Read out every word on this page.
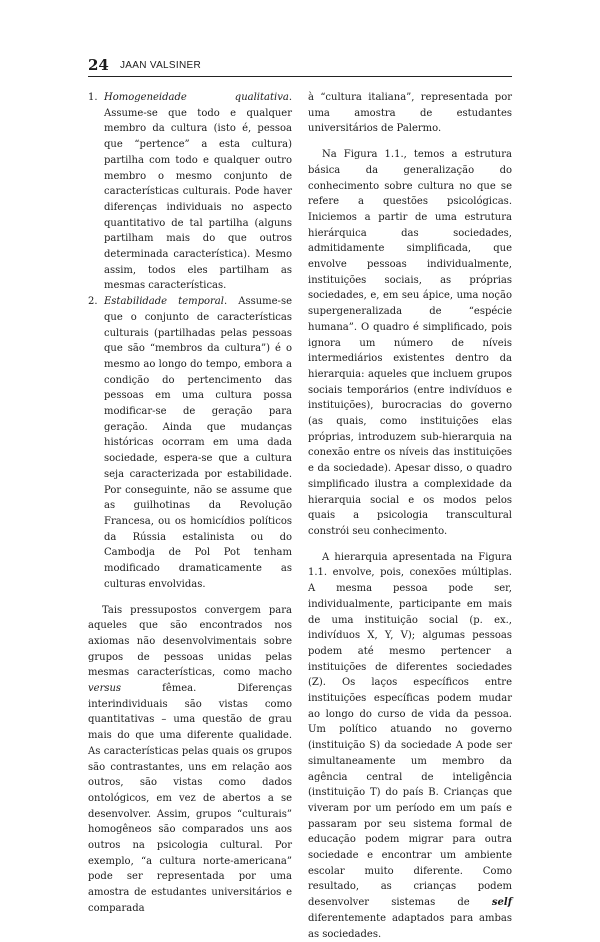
24 JAAN VALSINER

1. Homogeneidade qualitativa. Assume-se que todo e qualquer membro da cultura (isto é, pessoa que “pertence” a esta cultura) partilha com todo e qualquer outro membro o mesmo conjunto de características culturais. Pode haver diferenças individuais no aspecto quantitativo de tal partilha (alguns partilham mais do que outros determinada característica). Mesmo assim, todos eles partilham as mesmas características.

2. Estabilidade temporal. Assume-se que o conjunto de características culturais (partilhadas pelas pessoas que são “membros da cultura”) é o mesmo ao longo do tempo, embora a condição do pertencimento das pessoas em uma cultura possa modificar-se de geração para geração. Ainda que mudanças históricas ocorram em uma dada sociedade, espera-se que a cultura seja caracterizada por estabilidade. Por conseguinte, não se assume que as guilhotinas da Revolução Francesa, ou os homicídios políticos da Rússia estalinista ou do Cambodja de Pol Pot tenham modificado dramaticamente as culturas envolvidas.

Tais pressupostos convergem para aqueles que são encontrados nos axiomas não desenvolvimentais sobre grupos de pessoas unidas pelas mesmas características, como macho versus fêmea. Diferenças interindividuais são vistas como quantitativas – uma questão de grau mais do que uma diferente qualidade. As características pelas quais os grupos são contrastantes, uns em relação aos outros, são vistas como dados ontológicos, em vez de abertos a se desenvolver. Assim, grupos “culturais” homogêneos são comparados uns aos outros na psicologia cultural. Por exemplo, “a cultura norte-americana” pode ser representada por uma amostra de estudantes universitários e comparada

à “cultura italiana”, representada por uma amostra de estudantes universitários de Palermo.

Na Figura 1.1., temos a estrutura básica da generalização do conhecimento sobre cultura no que se refere a questões psicológicas. Iniciemos a partir de uma estrutura hierárquica das sociedades, admitidamente simplificada, que envolve pessoas individualmente, instituições sociais, as próprias sociedades, e, em seu ápice, uma noção supergeneralizada de “espécie humana”. O quadro é simplificado, pois ignora um número de níveis intermediários existentes dentro da hierarquia: aqueles que incluem grupos sociais temporários (entre indivíduos e instituições), burocracias do governo (as quais, como instituições elas próprias, introduzem sub-hierarquia na conexão entre os níveis das instituições e da sociedade). Apesar disso, o quadro simplificado ilustra a complexidade da hierarquia social e os modos pelos quais a psicologia transcultural constrói seu conhecimento.

A hierarquia apresentada na Figura 1.1. envolve, pois, conexões múltiplas. A mesma pessoa pode ser, individualmente, participante em mais de uma instituição social (p. ex., indivíduos X, Y, V); algumas pessoas podem até mesmo pertencer a instituições de diferentes sociedades (Z). Os laços específicos entre instituições específicas podem mudar ao longo do curso de vida da pessoa. Um político atuando no governo (instituição S) da sociedade A pode ser simultaneamente um membro da agência central de inteligência (instituição T) do país B. Crianças que viveram por um período em um país e passaram por seu sistema formal de educação podem migrar para outra sociedade e encontrar um ambiente escolar muito diferente. Como resultado, as crianças podem desenvolver sistemas de self diferentemente adaptados para ambas as sociedades.
